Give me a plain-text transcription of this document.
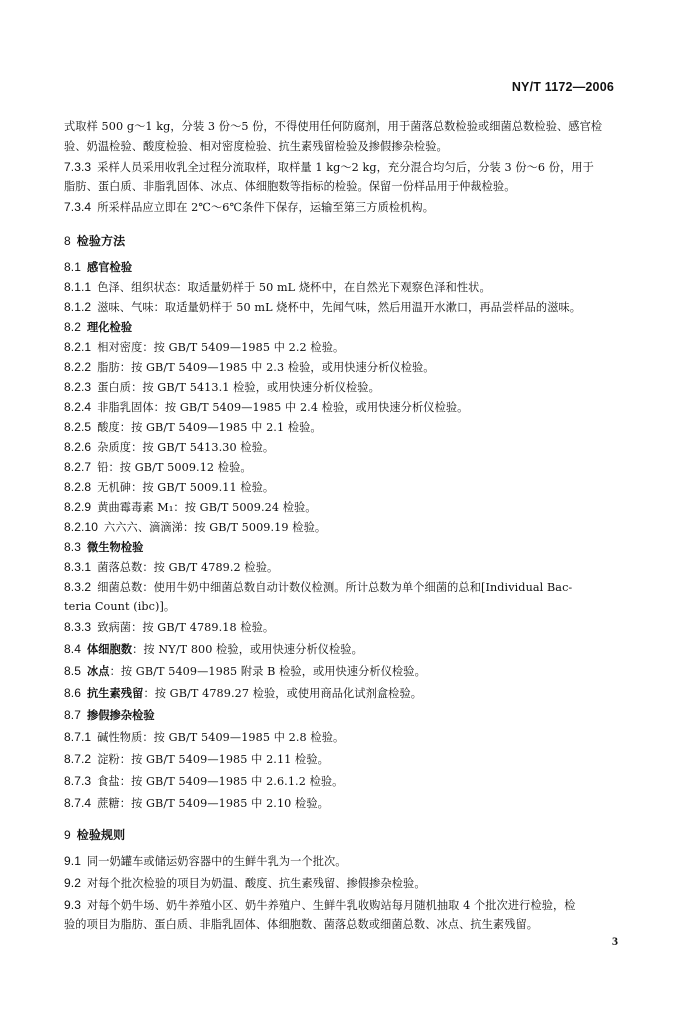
NY/T 1172—2006
式取样 500 g～1 kg，分装 3 份～5 份，不得使用任何防腐剂，用于菌落总数检验或细菌总数检验、感官检
验、奶温检验、酸度检验、相对密度检验、抗生素残留检验及掺假掺杂检验。
7.3.3 采样人员采用收乳全过程分流取样，取样量 1 kg～2 kg，充分混合均匀后，分装 3 份～6 份，用于
脂肪、蛋白质、非脂乳固体、冰点、体细胞数等指标的检验。保留一份样品用于仲裁检验。
7.3.4 所采样品应立即在 2℃～6℃条件下保存，运输至第三方质检机构。
8 检验方法
8.1 感官检验
8.1.1 色泽、组织状态：取适量奶样于 50 mL 烧杯中，在自然光下观察色泽和性状。
8.1.2 滋味、气味：取适量奶样于 50 mL 烧杯中，先闻气味，然后用温开水漱口，再品尝样品的滋味。
8.2 理化检验
8.2.1 相对密度：按 GB/T 5409—1985 中 2.2 检验。
8.2.2 脂肪：按 GB/T 5409—1985 中 2.3 检验，或用快速分析仪检验。
8.2.3 蛋白质：按 GB/T 5413.1 检验，或用快速分析仪检验。
8.2.4 非脂乳固体：按 GB/T 5409—1985 中 2.4 检验，或用快速分析仪检验。
8.2.5 酸度：按 GB/T 5409—1985 中 2.1 检验。
8.2.6 杂质度：按 GB/T 5413.30 检验。
8.2.7 铅：按 GB/T 5009.12 检验。
8.2.8 无机砷：按 GB/T 5009.11 检验。
8.2.9 黄曲霉毒素 M₁：按 GB/T 5009.24 检验。
8.2.10 六六六、滴滴涕：按 GB/T 5009.19 检验。
8.3 微生物检验
8.3.1 菌落总数：按 GB/T 4789.2 检验。
8.3.2 细菌总数：使用牛奶中细菌总数自动计数仪检测。所计总数为单个细菌的总和[Individual Bac-
teria Count (ibc)]。
8.3.3 致病菌：按 GB/T 4789.18 检验。
8.4 体细胞数：按 NY/T 800 检验，或用快速分析仪检验。
8.5 冰点：按 GB/T 5409—1985 附录 B 检验，或用快速分析仪检验。
8.6 抗生素残留：按 GB/T 4789.27 检验，或使用商品化试剂盒检验。
8.7 掺假掺杂检验
8.7.1 碱性物质：按 GB/T 5409—1985 中 2.8 检验。
8.7.2 淀粉：按 GB/T 5409—1985 中 2.11 检验。
8.7.3 食盐：按 GB/T 5409—1985 中 2.6.1.2 检验。
8.7.4 蔗糖：按 GB/T 5409—1985 中 2.10 检验。
9 检验规则
9.1 同一奶罐车或储运奶容器中的生鲜牛乳为一个批次。
9.2 对每个批次检验的项目为奶温、酸度、抗生素残留、掺假掺杂检验。
9.3 对每个奶牛场、奶牛养殖小区、奶牛养殖户、生鲜牛乳收购站每月随机抽取 4 个批次进行检验，检
验的项目为脂肪、蛋白质、非脂乳固体、体细胞数、菌落总数或细菌总数、冰点、抗生素残留。
3
